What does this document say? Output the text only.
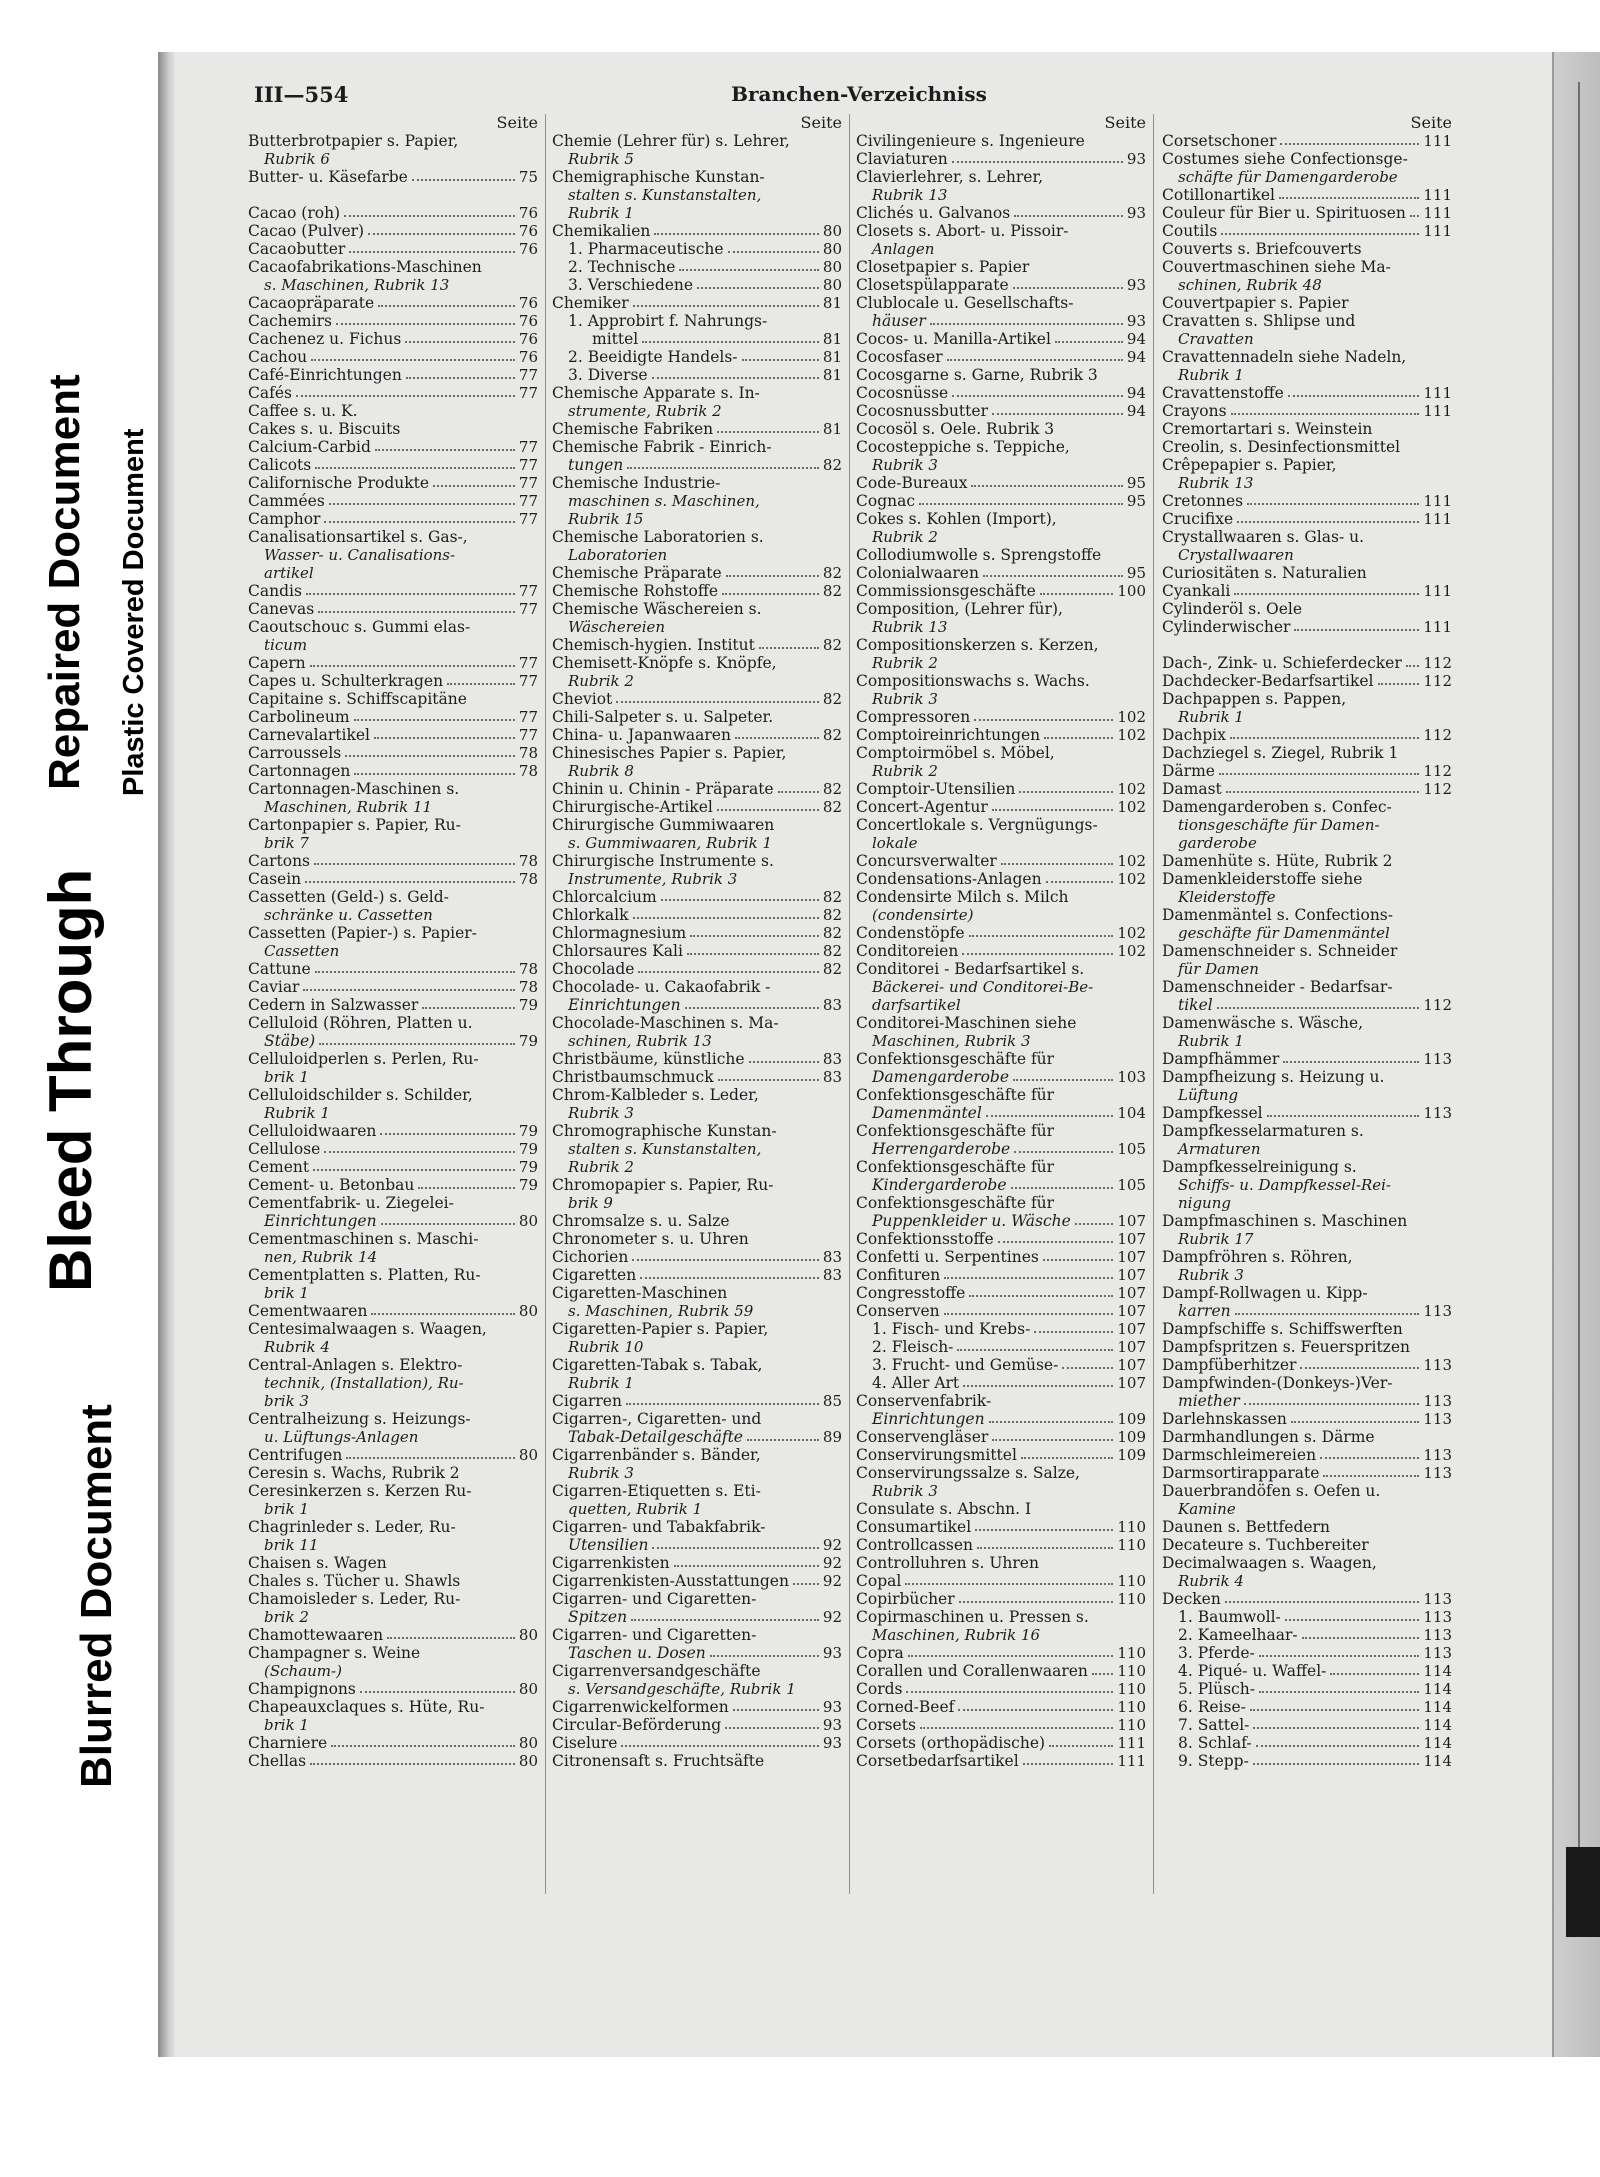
Repaired Document Plastic Covered Document
Bleed Through
Blurred Document
III—554	Branchen-Verzeichniss
Seite
Butterbrotpapier s. Papier,
Rubrik 6
Butter- u. Käsefarbe	75
Cacao (roh)	76
Cacao (Pulver)	76
Cacaobutter	76
Cacaofabrikations-Maschinen
s. Maschinen, Rubrik 13
Cacaopräparate	76
Cachemirs	76
Cachenez u. Fichus	76
Cachou	76
Café-Einrichtungen	77
Cafés	77
Caffee s. u. K.
Cakes s. u. Biscuits
Calcium-Carbid	77
Calicots	77
Californische Produkte	77
Cammées	77
Camphor	77
Canalisationsartikel s. Gas-,
Wasser- u. Canalisations-
artikel
Candis	77
Canevas	77
Caoutschouc s. Gummi elas-
ticum
Capern	77
Capes u. Schulterkragen	77
Capitaine s. Schiffscapitäne
Carbolineum	77
Carnevalartikel	77
Carroussels	78
Cartonnagen	78
Cartonnagen-Maschinen s.
Maschinen, Rubrik 11
Cartonpapier s. Papier, Ru-
brik 7
Cartons	78
Casein	78
Cassetten (Geld-) s. Geld-
schränke u. Cassetten
Cassetten (Papier-) s. Papier-
Cassetten
Cattune	78
Caviar	78
Cedern in Salzwasser	79
Celluloid (Röhren, Platten u.
Stäbe)	79
Celluloidperlen s. Perlen, Ru-
brik 1
Celluloidschilder s. Schilder,
Rubrik 1
Celluloidwaaren	79
Cellulose	79
Cement	79
Cement- u. Betonbau	79
Cementfabrik- u. Ziegelei-
Einrichtungen	80
Cementmaschinen s. Maschi-
nen, Rubrik 14
Cementplatten s. Platten, Ru-
brik 1
Cementwaaren	80
Centesimalwaagen s. Waagen,
Rubrik 4
Central-Anlagen s. Elektro-
technik, (Installation), Ru-
brik 3
Centralheizung s. Heizungs-
u. Lüftungs-Anlagen
Centrifugen	80
Ceresin s. Wachs, Rubrik 2
Ceresinkerzen s. Kerzen Ru-
brik 1
Chagrinleder s. Leder, Ru-
brik 11
Chaisen s. Wagen
Chales s. Tücher u. Shawls
Chamoisleder s. Leder, Ru-
brik 2
Chamottewaaren	80
Champagner s. Weine
(Schaum-)
Champignons	80
Chapeauxclaques s. Hüte, Ru-
brik 1
Charniere	80
Chellas	80
Seite
Chemie (Lehrer für) s. Lehrer,
Rubrik 5
Chemigraphische Kunstan-
stalten s. Kunstanstalten,
Rubrik 1
Chemikalien	80
1. Pharmaceutische	80
2. Technische	80
3. Verschiedene	80
Chemiker	81
1. Approbirt f. Nahrungs-
mittel	81
2. Beeidigte Handels-	81
3. Diverse	81
Chemische Apparate s. In-
strumente, Rubrik 2
Chemische Fabriken	81
Chemische Fabrik - Einrich-
tungen	82
Chemische Industrie-
maschinen s. Maschinen,
Rubrik 15
Chemische Laboratorien s.
Laboratorien
Chemische Präparate	82
Chemische Rohstoffe	82
Chemische Wäschereien s.
Wäschereien
Chemisch-hygien. Institut	82
Chemisett-Knöpfe s. Knöpfe,
Rubrik 2
Cheviot	82
Chili-Salpeter s. u. Salpeter.
China- u. Japanwaaren	82
Chinesisches Papier s. Papier,
Rubrik 8
Chinin u. Chinin - Präparate	82
Chirurgische-Artikel	82
Chirurgische Gummiwaaren
s. Gummiwaaren, Rubrik 1
Chirurgische Instrumente s.
Instrumente, Rubrik 3
Chlorcalcium	82
Chlorkalk	82
Chlormagnesium	82
Chlorsaures Kali	82
Chocolade	82
Chocolade- u. Cakaofabrik -
Einrichtungen	83
Chocolade-Maschinen s. Ma-
schinen, Rubrik 13
Christbäume, künstliche	83
Christbaumschmuck	83
Chrom-Kalbleder s. Leder,
Rubrik 3
Chromographische Kunstan-
stalten s. Kunstanstalten,
Rubrik 2
Chromopapier s. Papier, Ru-
brik 9
Chromsalze s. u. Salze
Chronometer s. u. Uhren
Cichorien	83
Cigaretten	83
Cigaretten-Maschinen
s. Maschinen, Rubrik 59
Cigaretten-Papier s. Papier,
Rubrik 10
Cigaretten-Tabak s. Tabak,
Rubrik 1
Cigarren	85
Cigarren-, Cigaretten- und
Tabak-Detailgeschäfte	89
Cigarrenbänder s. Bänder,
Rubrik 3
Cigarren-Etiquetten s. Eti-
quetten, Rubrik 1
Cigarren- und Tabakfabrik-
Utensilien	92
Cigarrenkisten	92
Cigarrenkisten-Ausstattungen 92
Cigarren- und Cigaretten-
Spitzen	92
Cigarren- und Cigaretten-
Taschen u. Dosen	93
Cigarrenversandgeschäfte
s. Versandgeschäfte, Rubrik 1
Cigarrenwickelformen	93
Circular-Beförderung	93
Ciselure	93
Citronensaft s. Fruchtsäfte
Seite
Civilingenieure s. Ingenieure
Claviaturen	93
Clavierlehrer, s. Lehrer,
Rubrik 13
Clichés u. Galvanos	93
Closets s. Abort- u. Pissoir-
Anlagen
Closetpapier s. Papier
Closetspülapparate	93
Clublocale u. Gesellschafts-
häuser	93
Cocos- u. Manilla-Artikel	94
Cocosfaser	94
Cocosgarne s. Garne, Rubrik 3
Cocosnüsse	94
Cocosnussbutter	94
Cocosöl s. Oele. Rubrik 3
Cocosteppiche s. Teppiche,
Rubrik 3
Code-Bureaux	95
Cognac	95
Cokes s. Kohlen (Import),
Rubrik 2
Collodiumwolle s. Sprengstoffe
Colonialwaaren	95
Commissionsgeschäfte	100
Composition, (Lehrer für),
Rubrik 13
Compositionskerzen s. Kerzen,
Rubrik 2
Compositionswachs s. Wachs.
Rubrik 3
Compressoren	102
Comptoireinrichtungen	102
Comptoirmöbel s. Möbel,
Rubrik 2
Comptoir-Utensilien	102
Concert-Agentur	102
Concertlokale s. Vergnügungs-
lokale
Concursverwalter	102
Condensations-Anlagen	102
Condensirte Milch s. Milch
(condensirte)
Condenstöpfe	102
Conditoreien	102
Conditorei - Bedarfsartikel s.
Bäckerei- und Conditorei-Be-
darfsartikel
Conditorei-Maschinen siehe
Maschinen, Rubrik 3
Confektionsgeschäfte für
Damengarderobe	103
Confektionsgeschäfte für
Damenmäntel	104
Confektionsgeschäfte für
Herrengarderobe	105
Confektionsgeschäfte für
Kindergarderobe	105
Confektionsgeschäfte für
Puppenkleider u. Wäsche	107
Confektionsstoffe	107
Confetti u. Serpentines	107
Confituren	107
Congresstoffe	107
Conserven	107
1. Fisch- und Krebs-	107
2. Fleisch-	107
3. Frucht- und Gemüse-	107
4. Aller Art	107
Conservenfabrik-
Einrichtungen	109
Conservengläser	109
Conservirungsmittel	109
Conservirungssalze s. Salze,
Rubrik 3
Consulate s. Abschn. I
Consumartikel	110
Controllcassen	110
Controlluhren s. Uhren
Copal	110
Copirbücher	110
Copirmaschinen u. Pressen s.
Maschinen, Rubrik 16
Copra	110
Corallen und Corallenwaaren 110
Cords	110
Corned-Beef	110
Corsets	110
Corsets (orthopädische)	111
Corsetbedarfsartikel	111
Seite
Corsetschoner	111
Costumes siehe Confectionsge-
schäfte für Damengarderobe
Cotillonartikel	111
Couleur für Bier u. Spirituosen 111
Coutils	111
Couverts s. Briefcouverts
Couvertmaschinen siehe Ma-
schinen, Rubrik 48
Couvertpapier s. Papier
Cravatten s. Shlipse und
Cravatten
Cravattennadeln siehe Nadeln,
Rubrik 1
Cravattenstoffe	111
Crayons	111
Cremortartari s. Weinstein
Creolin, s. Desinfectionsmittel
Crêpepapier s. Papier,
Rubrik 13
Cretonnes	111
Crucifixe	111
Crystallwaaren s. Glas- u.
Crystallwaaren
Curiositäten s. Naturalien
Cyankali	111
Cylinderöl s. Oele
Cylinderwischer	111
Dach-, Zink- u. Schieferdecker 112
Dachdecker-Bedarfsartikel	112
Dachpappen s. Pappen,
Rubrik 1
Dachpix	112
Dachziegel s. Ziegel, Rubrik 1
Därme	112
Damast	112
Damengarderoben s. Confec-
tionsgeschäfte für Damen-
garderobe
Damenhüte s. Hüte, Rubrik 2
Damenkleiderstoffe siehe
Kleiderstoffe
Damenmäntel s. Confections-
geschäfte für Damenmäntel
Damenschneider s. Schneider
für Damen
Damenschneider - Bedarfsar-
tikel	112
Damenwäsche s. Wäsche,
Rubrik 1
Dampfhämmer	113
Dampfheizung s. Heizung u.
Lüftung
Dampfkessel	113
Dampfkesselarmaturen s.
Armaturen
Dampfkesselreinigung s.
Schiffs- u. Dampfkessel-Rei-
nigung
Dampfmaschinen s. Maschinen
Rubrik 17
Dampfröhren s. Röhren,
Rubrik 3
Dampf-Rollwagen u. Kipp-
karren	113
Dampfschiffe s. Schiffswerften
Dampfspritzen s. Feuerspritzen
Dampfüberhitzer	113
Dampfwinden-(Donkeys-)Ver-
miether	113
Darlehnskassen	113
Darmhandlungen s. Därme
Darmschleimereien	113
Darmsortirapparate	113
Dauerbrandöfen s. Oefen u.
Kamine
Daunen s. Bettfedern
Decateure s. Tuchbereiter
Decimalwaagen s. Waagen,
Rubrik 4
Decken	113
1. Baumwoll-	113
2. Kameelhaar-	113
3. Pferde-	113
4. Piqué- u. Waffel-	114
5. Plüsch-	114
6. Reise-	114
7. Sattel-	114
8. Schlaf-	114
9. Stepp-	114
